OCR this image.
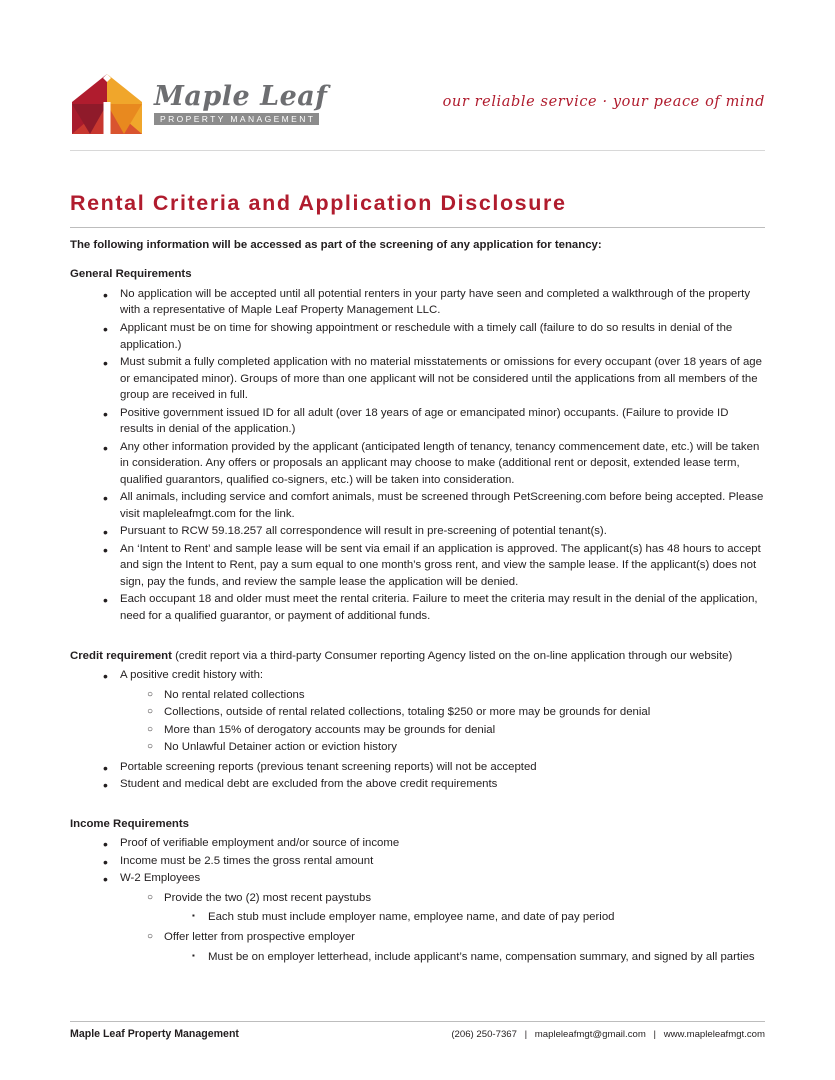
Maple Leaf
PROPERTY MANAGEMENT
our reliable service · your peace of mind
Rental Criteria and Application Disclosure
The following information will be accessed as part of the screening of any application for tenancy:
General Requirements
• No application will be accepted until all potential renters in your party have seen and completed a walkthrough of the property with a representative of Maple Leaf Property Management LLC.
• Applicant must be on time for showing appointment or reschedule with a timely call (failure to do so results in denial of the application.)
• Must submit a fully completed application with no material misstatements or omissions for every occupant (over 18 years of age or emancipated minor). Groups of more than one applicant will not be considered until the applications from all members of the group are received in full.
• Positive government issued ID for all adult (over 18 years of age or emancipated minor) occupants. (Failure to provide ID results in denial of the application.)
• Any other information provided by the applicant (anticipated length of tenancy, tenancy commencement date, etc.) will be taken in consideration. Any offers or proposals an applicant may choose to make (additional rent or deposit, extended lease term, qualified guarantors, qualified co-signers, etc.) will be taken into consideration.
• All animals, including service and comfort animals, must be screened through PetScreening.com before being accepted. Please visit mapleleafmgt.com for the link.
• Pursuant to RCW 59.18.257 all correspondence will result in pre-screening of potential tenant(s).
• An ‘Intent to Rent’ and sample lease will be sent via email if an application is approved. The applicant(s) has 48 hours to accept and sign the Intent to Rent, pay a sum equal to one month’s gross rent, and view the sample lease. If the applicant(s) does not sign, pay the funds, and review the sample lease the application will be denied.
• Each occupant 18 and older must meet the rental criteria. Failure to meet the criteria may result in the denial of the application, need for a qualified guarantor, or payment of additional funds.
Credit requirement (credit report via a third-party Consumer reporting Agency listed on the on-line application through our website)
• A positive credit history with:
○ No rental related collections
○ Collections, outside of rental related collections, totaling $250 or more may be grounds for denial
○ More than 15% of derogatory accounts may be grounds for denial
○ No Unlawful Detainer action or eviction history
• Portable screening reports (previous tenant screening reports) will not be accepted
• Student and medical debt are excluded from the above credit requirements
Income Requirements
• Proof of verifiable employment and/or source of income
• Income must be 2.5 times the gross rental amount
• W-2 Employees
○ Provide the two (2) most recent paystubs
▪ Each stub must include employer name, employee name, and date of pay period
○ Offer letter from prospective employer
▪ Must be on employer letterhead, include applicant’s name, compensation summary, and signed by all parties
Maple Leaf Property Management	(206) 250-7367 | mapleleafmgt@gmail.com | www.mapleleafmgt.com
